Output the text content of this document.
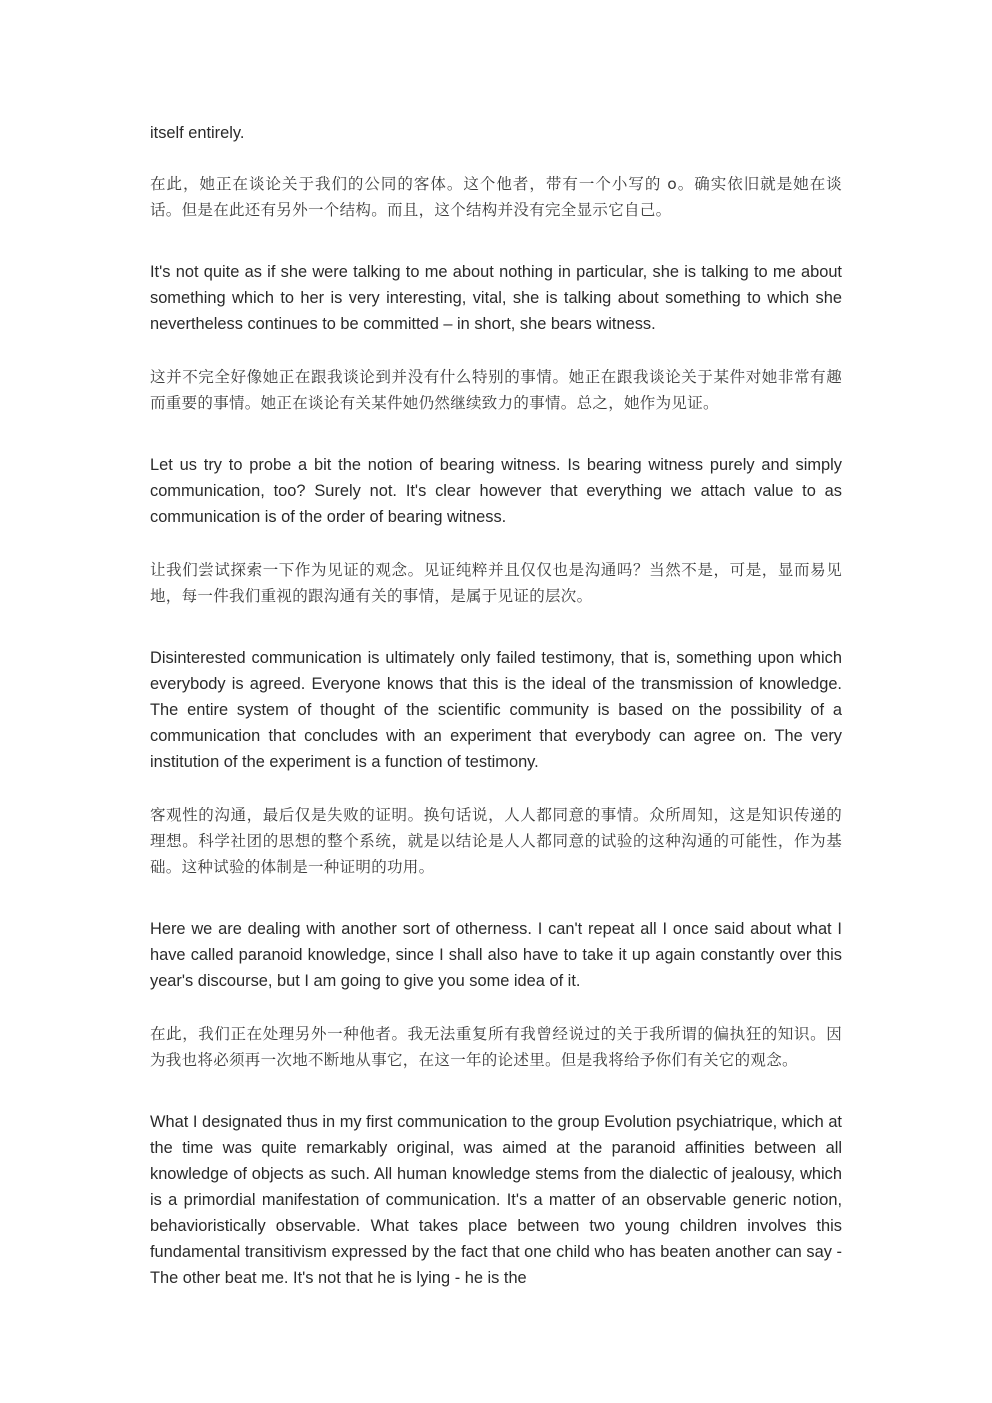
itself entirely.

在此，她正在谈论关于我们的公同的客体。这个他者，带有一个小写的 o。确实依旧就是她在谈话。但是在此还有另外一个结构。而且，这个结构并没有完全显示它自己。

It's not quite as if she were talking to me about nothing in particular, she is talking to me about something which to her is very interesting, vital, she is talking about something to which she nevertheless continues to be committed – in short, she bears witness.

这并不完全好像她正在跟我谈论到并没有什么特别的事情。她正在跟我谈论关于某件对她非常有趣而重要的事情。她正在谈论有关某件她仍然继续致力的事情。总之，她作为见证。

Let us try to probe a bit the notion of bearing witness. Is bearing witness purely and simply communication, too? Surely not. It's clear however that everything we attach value to as communication is of the order of bearing witness.

让我们尝试探索一下作为见证的观念。见证纯粹并且仅仅也是沟通吗？当然不是，可是，显而易见地，每一件我们重视的跟沟通有关的事情，是属于见证的层次。

Disinterested communication is ultimately only failed testimony, that is, something upon which everybody is agreed. Everyone knows that this is the ideal of the transmission of knowledge. The entire system of thought of the scientific community is based on the possibility of a communication that concludes with an experiment that everybody can agree on. The very institution of the experiment is a function of testimony.

客观性的沟通，最后仅是失败的证明。换句话说，人人都同意的事情。众所周知，这是知识传递的理想。科学社团的思想的整个系统，就是以结论是人人都同意的试验的这种沟通的可能性，作为基础。这种试验的体制是一种证明的功用。

Here we are dealing with another sort of otherness. I can't repeat all I once said about what I have called paranoid knowledge, since I shall also have to take it up again constantly over this year's discourse, but I am going to give you some idea of it.

在此，我们正在处理另外一种他者。我无法重复所有我曾经说过的关于我所谓的偏执狂的知识。因为我也将必须再一次地不断地从事它，在这一年的论述里。但是我将给予你们有关它的观念。

What I designated thus in my first communication to the group Evolution psychiatrique, which at the time was quite remarkably original, was aimed at the paranoid affinities between all knowledge of objects as such. All human knowledge stems from the dialectic of jealousy, which is a primordial manifestation of communication. It's a matter of an observable generic notion, behavioristically observable. What takes place between two young children involves this fundamental transitivism expressed by the fact that one child who has beaten another can say - The other beat me. It's not that he is lying - he is the
